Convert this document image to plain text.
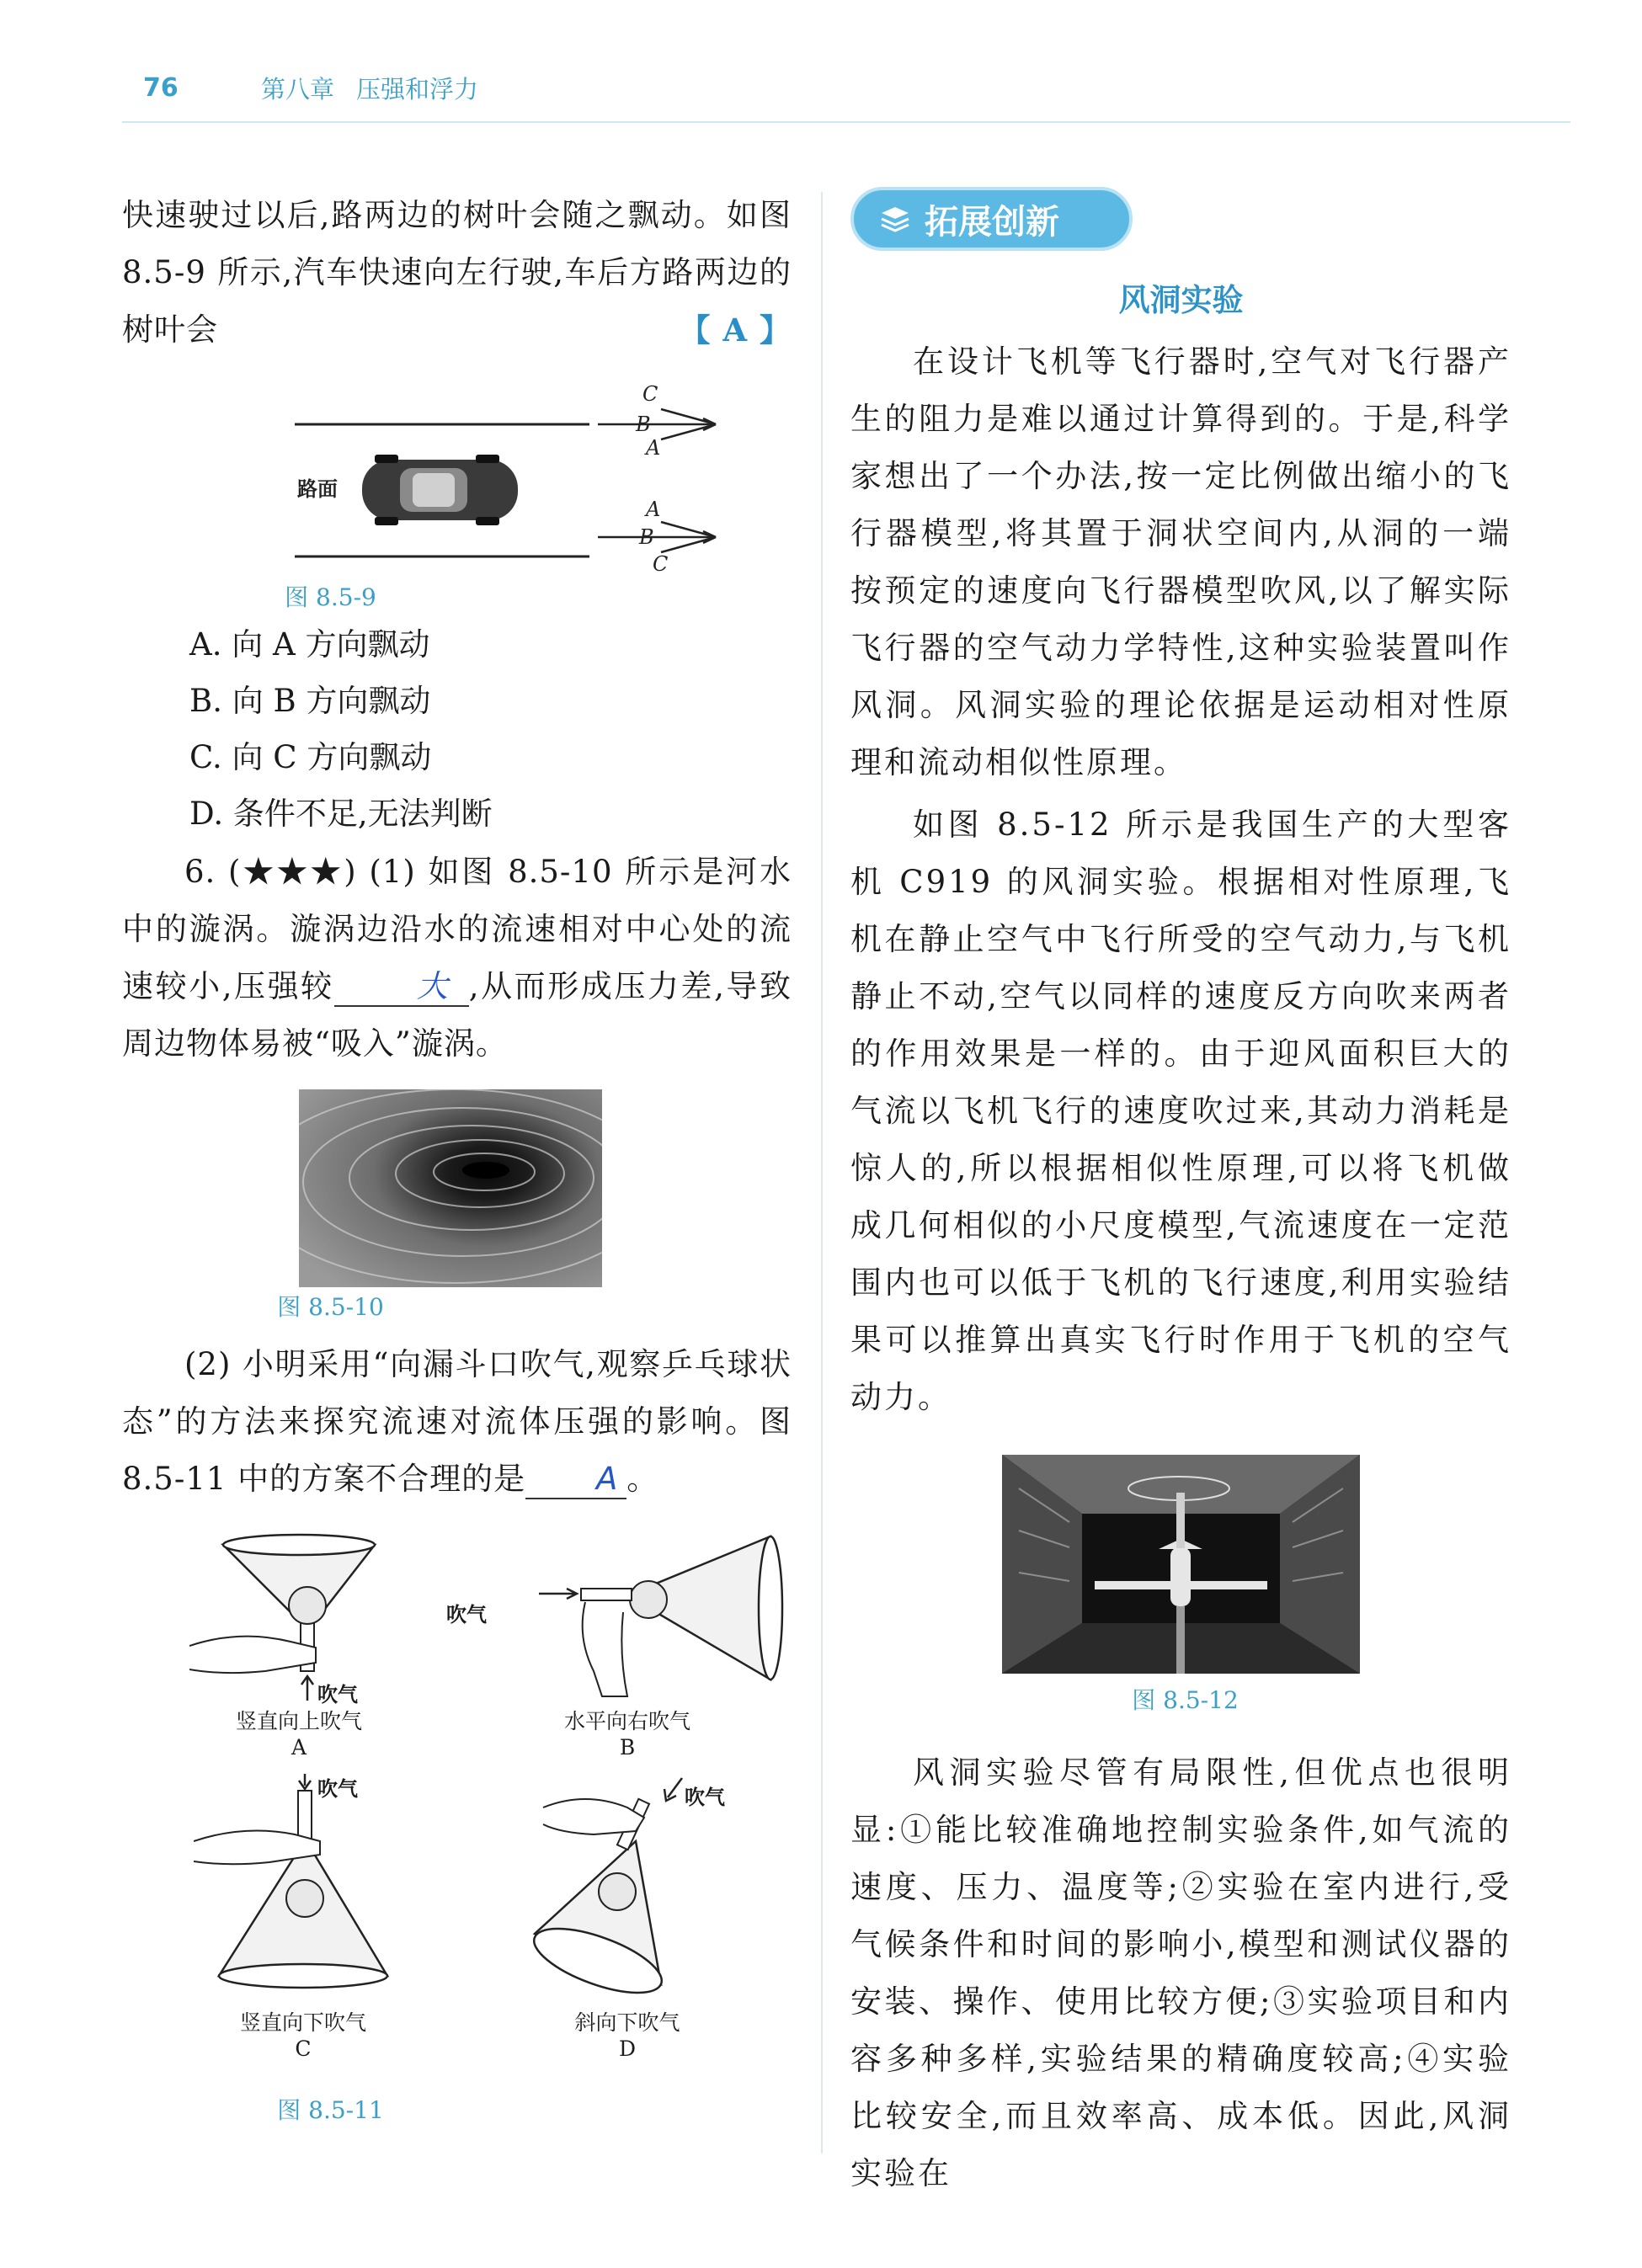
76	第八章 压强和浮力

快速驶过以后,路两边的树叶会随之飘动。如图 8.5-9 所示,汽车快速向左行驶,车后方路两边的树叶会	【 A 】

C
B
A
A
B
C
路面
图 8.5-9
A. 向 A 方向飘动
B. 向 B 方向飘动
C. 向 C 方向飘动
D. 条件不足,无法判断

6. (★★★) (1) 如图 8.5-10 所示是河水中的漩涡。漩涡边沿水的流速相对中心处的流速较小,压强较	大 ,从而形成压力差,导致周边物体易被“吸入”漩涡。

图 8.5-10

(2) 小明采用“向漏斗口吹气,观察乒乓球状态”的方法来探究流速对流体压强的影响。图 8.5-11 中的方案不合理的是 A 。

吹气
竖直向上吹气
A
吹气
水平向右吹气
B
吹气
竖直向下吹气
C
吹气
斜向下吹气
D
图 8.5-11
拓展创新
风洞实验

在设计飞机等飞行器时,空气对飞行器产生的阻力是难以通过计算得到的。于是,科学家想出了一个办法,按一定比例做出缩小的飞行器模型,将其置于洞状空间内,从洞的一端按预定的速度向飞行器模型吹风,以了解实际飞行器的空气动力学特性,这种实验装置叫作风洞。风洞实验的理论依据是运动相对性原理和流动相似性原理。

如图 8.5-12 所示是我国生产的大型客机 C919 的风洞实验。根据相对性原理,飞机在静止空气中飞行所受的空气动力,与飞机静止不动,空气以同样的速度反方向吹来两者的作用效果是一样的。由于迎风面积巨大的气流以飞机飞行的速度吹过来,其动力消耗是惊人的,所以根据相似性原理,可以将飞机做成几何相似的小尺度模型,气流速度在一定范围内也可以低于飞机的飞行速度,利用实验结果可以推算出真实飞行时作用于飞机的空气动力。

图 8.5-12

风洞实验尽管有局限性,但优点也很明显:①能比较准确地控制实验条件,如气流的速度、压力、温度等;②实验在室内进行,受气候条件和时间的影响小,模型和测试仪器的安装、操作、使用比较方便;③实验项目和内容多种多样,实验结果的精确度较高;④实验比较安全,而且效率高、成本低。因此,风洞实验在
